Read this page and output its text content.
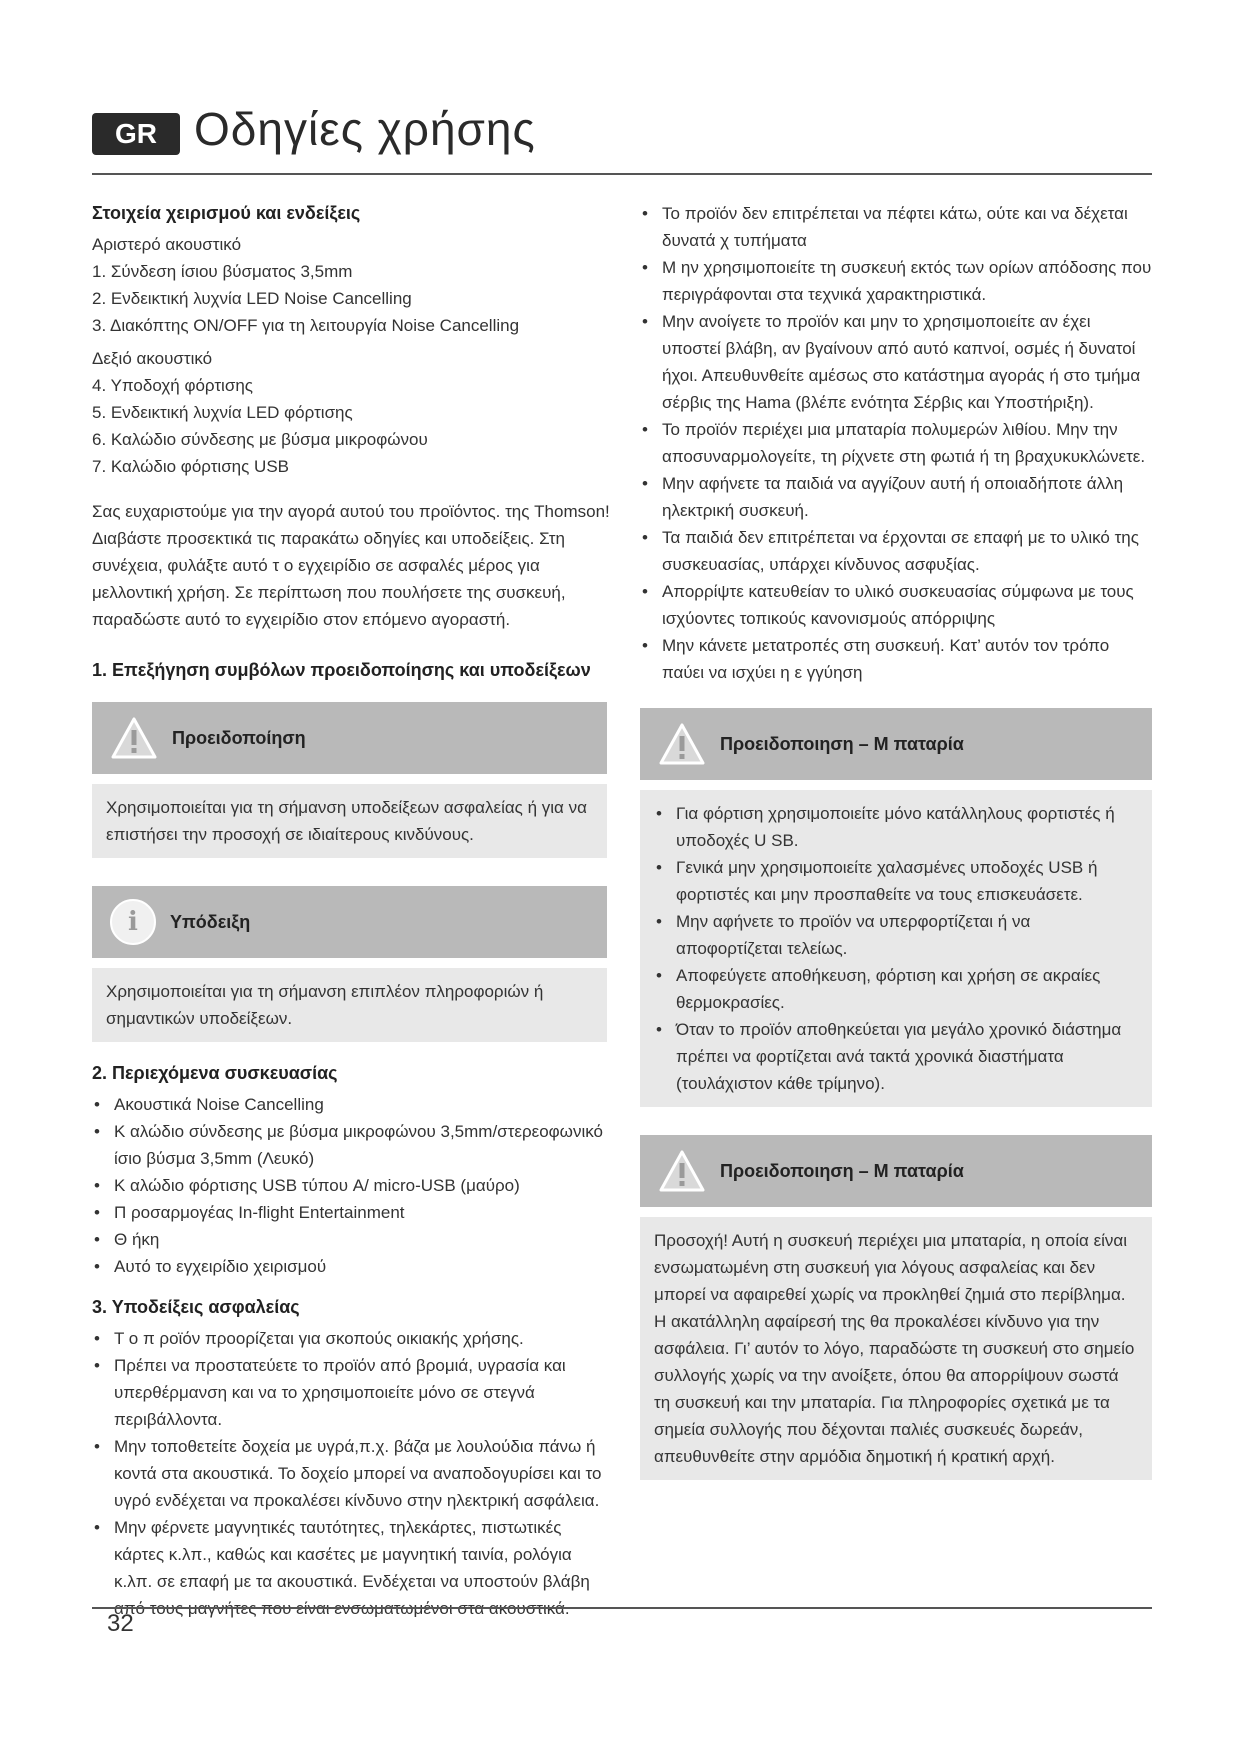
GR Οδηγίες χρήσης
Στοιχεία χειρισμού και ενδείξεις
Αριστερό ακουστικό
1. Σύνδεση ίσιου βύσματος 3,5mm
2. Ενδεικτική λυχνία LED Noise Cancelling
3. Διακόπτης ON/OFF για τη λειτουργία Noise Cancelling
Δεξιό ακουστικό
4. Υποδοχή φόρτισης
5. Ενδεικτική λυχνία LED φόρτισης
6. Καλώδιο σύνδεσης με βύσμα μικροφώνου
7. Καλώδιο φόρτισης USB
Σας ευχαριστούμε για την αγορά αυτού του προϊόντος. της Thomson! Διαβάστε προσεκτικά τις παρακάτω οδηγίες και υποδείξεις. Στη συνέχεια, φυλάξτε αυτό τ ο εγχειρίδιο σε ασφαλές μέρος για μελλοντική χρήση. Σε περίπτωση που πουλήσετε της συσκευή, παραδώστε αυτό το εγχειρίδιο στον επόμενο αγοραστή.
1. Επεξήγηση συμβόλων προειδοποίησης και υποδείξεων
Προειδοποίηση
Χρησιμοποιείται για τη σήμανση υποδείξεων ασφαλείας ή για να επιστήσει την προσοχή σε ιδιαίτερους κινδύνους.
i	Υπόδειξη
Χρησιμοποιείται για τη σήμανση επιπλέον πληροφοριών ή σημαντικών υποδείξεων.
2. Περιεχόμενα συσκευασίας
• Ακουστικά Noise Cancelling
• Κ αλώδιο σύνδεσης με βύσμα μικροφώνου 3,5mm/στερεοφωνικό ίσιο βύσμα 3,5mm (Λευκό)
• Κ αλώδιο φόρτισης USB τύπου A/ micro-USB (μαύρο)
• Π ροσαρμογέας In-flight Entertainment
• Θ ήκη
• Αυτό το εγχειρίδιο χειρισμού
3. Υποδείξεις ασφαλείας
• Τ ο π ροϊόν προορίζεται για σκοπούς οικιακής χρήσης.
• Πρέπει να προστατεύετε το προϊόν από βρομιά, υγρασία και υπερθέρμανση και να το χρησιμοποιείτε μόνο σε στεγνά περιβάλλοντα.
• Μην τοποθετείτε δοχεία με υγρά,π.χ. βάζα με λουλούδια πάνω ή κοντά στα ακουστικά. Το δοχείο μπορεί να αναποδογυρίσει και το υγρό ενδέχεται να προκαλέσει κίνδυνο στην ηλεκτρική ασφάλεια.
• Μην φέρνετε μαγνητικές ταυτότητες, τηλεκάρτες, πιστωτικές κάρτες κ.λπ., καθώς και κασέτες με μαγνητική ταινία, ρολόγια κ.λπ. σε επαφή με τα ακουστικά. Ενδέχεται να υποστούν βλάβη
• Το προϊόν δεν επιτρέπεται να πέφτει κάτω, ούτε και να δέχεται δυνατά χ τυπήματα
• Μ ην χρησιμοποιείτε τη συσκευή εκτός των ορίων απόδοσης που περιγράφονται στα τεχνικά χαρακτηριστικά.
• Μην ανοίγετε το προϊόν και μην το χρησιμοποιείτε αν έχει υποστεί βλάβη, αν βγαίνουν από αυτό καπνοί, οσμές ή δυνατοί ήχοι. Απευθυνθείτε αμέσως στο κατάστημα αγοράς ή στο τμήμα σέρβις της Hama (βλέπε ενότητα Σέρβις και Υποστήριξη).
• Το προϊόν περιέχει μια μπαταρία πολυμερών λιθίου. Μην την αποσυναρμολογείτε, τη ρίχνετε στη φωτιά ή τη βραχυκυκλώνετε.
• Μην αφήνετε τα παιδιά να αγγίζουν αυτή ή οποιαδήποτε άλλη ηλεκτρική συσκευή.
• Τα παιδιά δεν επιτρέπεται να έρχονται σε επαφή με το υλικό της συσκευασίας, υπάρχει κίνδυνος ασφυξίας.
• Απορρίψτε κατευθείαν το υλικό συσκευασίας σύμφωνα με τους ισχύοντες τοπικούς κανονισμούς απόρριψης
• Μην κάνετε μετατροπές στη συσκευή. Κατ’ αυτόν τον τρόπο παύει να ισχύει η ε γγύηση
Προειδοποιηση – Μ παταρία
• Για φόρτιση χρησιμοποιείτε μόνο κατάλληλους φορτιστές ή υποδοχές U SB.
• Γενικά μην χρησιμοποιείτε χαλασμένες υποδοχές USB ή φορτιστές και μην προσπαθείτε να τους επισκευάσετε.
• Μην αφήνετε το προϊόν να υπερφορτίζεται ή να αποφορτίζεται τελείως.
• Αποφεύγετε αποθήκευση, φόρτιση και χρήση σε ακραίες θερμοκρασίες.
• Όταν το προϊόν αποθηκεύεται για μεγάλο χρονικό διάστημα πρέπει να φορτίζεται ανά τακτά χρονικά διαστήματα (τουλάχιστον κάθε τρίμηνο).
Προειδοποιηση – Μ παταρία
Προσοχή! Αυτή η συσκευή περιέχει μια μπαταρία, η οποία είναι ενσωματωμένη στη συσκευή για λόγους ασφαλείας και δεν μπορεί να αφαιρεθεί χωρίς να προκληθεί ζημιά στο περίβλημα. Η ακατάλληλη αφαίρεσή της θα προκαλέσει κίνδυνο για την ασφάλεια. Γι’ αυτόν το λόγο, παραδώστε τη συσκευή στο σημείο συλλογής χωρίς να την ανοίξετε, όπου θα απορρίψουν σωστά τη συσκευή και την μπαταρία. Για πληροφορίες σχετικά με τα σημεία συλλογής που δέχονται παλιές συσκευές δωρεάν, απευθυνθείτε στην αρμόδια δημοτική ή κρατική αρχή.
32
